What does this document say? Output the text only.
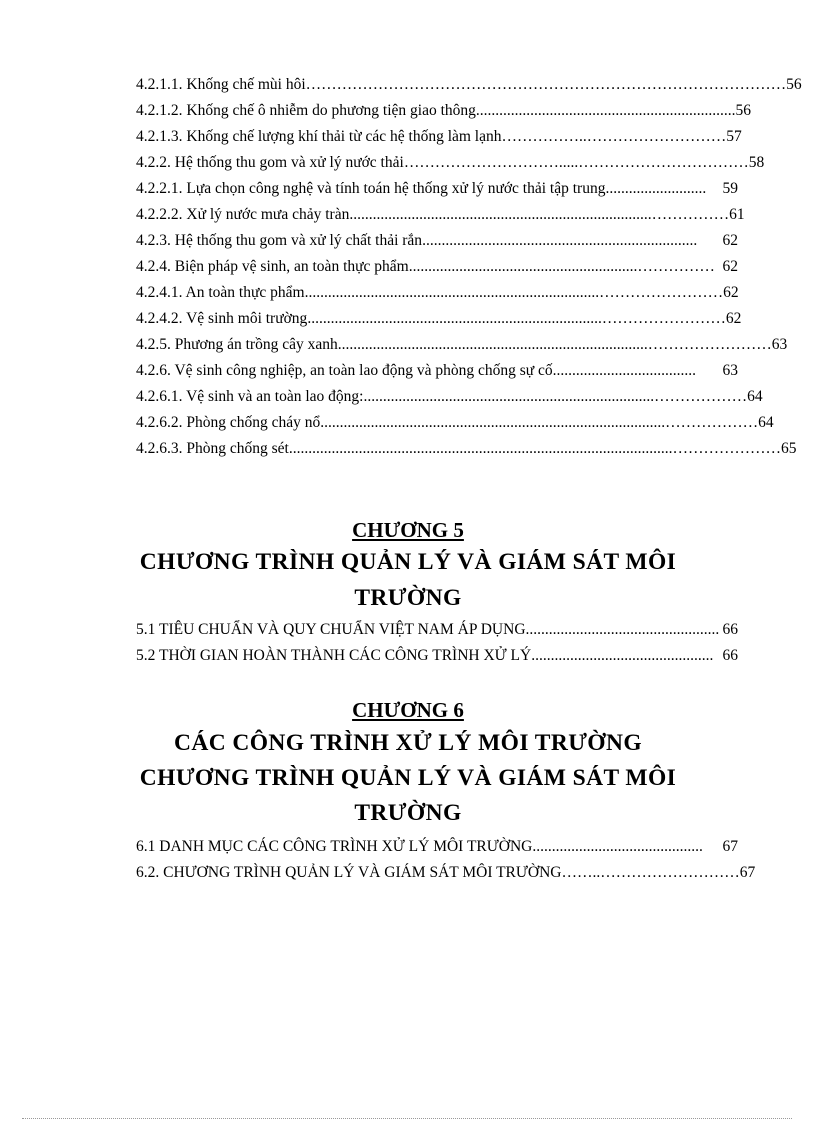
4.2.1.1. Khống chế mùi hôi ………………………………………………………………………………… 56
4.2.1.2. Khống chế ô nhiễm do phương tiện giao thông ................................................................... 56
4.2.1.3. Khống chế lượng khí thải từ các hệ thống làm lạnh ……………..……………………… 57
4.2.2. Hệ thống thu gom và xử lý nước thải ………………………….....…………………………… 58
4.2.2.1. Lựa chọn công nghệ và tính toán hệ thống xử lý nước thải tập trung ..........................	59
4.2.2.2. Xử lý nước mưa chảy tràn ..............................................................................…………… 61
4.2.3. Hệ thống thu gom và xử lý chất thải rắn .......................................................................	62
4.2.4. Biện pháp vệ sinh, an toàn thực phẩm ...........................................................…………… 62
4.2.4.1. An toàn thực phẩm ............................................................................…………………… 62
4.2.4.2. Vệ sinh môi trường ............................................................................…………………… 62
4.2.5. Phương án trồng cây xanh ................................................................................…………………… 63
4.2.6. Vệ sinh công nghiệp, an toàn lao động và phòng chống sự cố .....................................	63
4.2.6.1. Vệ sinh và an toàn lao động: ...........................................................................……………… 64
4.2.6.2. Phòng chống cháy nổ .........................................................................................……………… 64
4.2.6.3. Phòng chống sét ...................................................................................................………………… 65
CHƯƠNG 5
CHƯƠNG TRÌNH QUẢN LÝ VÀ GIÁM SÁT MÔI
TRƯỜNG
5.1 TIÊU CHUẨN VÀ QUY CHUẨN VIỆT NAM ÁP DỤNG .................................................. 66
5.2 THỜI GIAN HOÀN THÀNH CÁC CÔNG TRÌNH XỬ LÝ ............................................... 66
CHƯƠNG 6
CÁC CÔNG TRÌNH XỬ LÝ MÔI TRƯỜNG
CHƯƠNG TRÌNH QUẢN LÝ VÀ GIÁM SÁT MÔI
TRƯỜNG
6.1 DANH MỤC CÁC CÔNG TRÌNH XỬ LÝ MÔI TRƯỜNG ............................................	67
6.2. CHƯƠNG TRÌNH QUẢN LÝ VÀ GIÁM SÁT MÔI TRƯỜNG ……..……………………… 67
